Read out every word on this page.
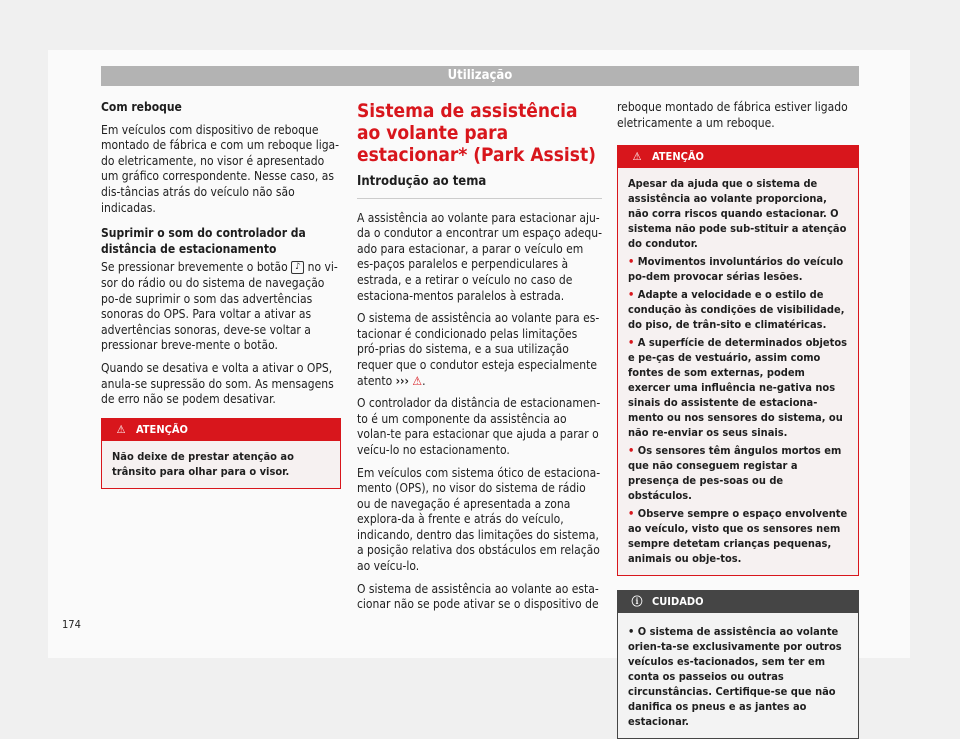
Utilização

Com reboque

Em veículos com dispositivo de reboque montado de fábrica e com um reboque liga-do eletricamente, no visor é apresentado um gráfico correspondente. Nesse caso, as dis-tâncias atrás do veículo não são indicadas.

Suprimir o som do controlador da distância de estacionamento

Se pressionar brevemente o botão ♪ no vi-sor do rádio ou do sistema de navegação po-de suprimir o som das advertências sonoras do OPS. Para voltar a ativar as advertências sonoras, deve-se voltar a pressionar breve-mente o botão.

Quando se desativa e volta a ativar o OPS, anula-se supressão do som. As mensagens de erro não se podem desativar.

⚠ ATENÇÃO
Não deixe de prestar atenção ao trânsito para olhar para o visor.
Sistema de assistência ao volante para estacionar* (Park Assist)
Introdução ao tema

A assistência ao volante para estacionar aju-da o condutor a encontrar um espaço adequ-ado para estacionar, a parar o veículo em es-paços paralelos e perpendiculares à estrada, e a retirar o veículo no caso de estaciona-mentos paralelos à estrada.

O sistema de assistência ao volante para es-tacionar é condicionado pelas limitações pró-prias do sistema, e a sua utilização requer que o condutor esteja especialmente atento ››› ⚠.

O controlador da distância de estacionamen-to é um componente da assistência ao volan-te para estacionar que ajuda a parar o veícu-lo no estacionamento.

Em veículos com sistema ótico de estaciona-mento (OPS), no visor do sistema de rádio ou de navegação é apresentada a zona explora-da à frente e atrás do veículo, indicando, dentro das limitações do sistema, a posição relativa dos obstáculos em relação ao veícu-lo.

O sistema de assistência ao volante ao esta-cionar não se pode ativar se o dispositivo de

reboque montado de fábrica estiver ligado eletricamente a um reboque.

⚠ ATENÇÃO
Apesar da ajuda que o sistema de assistência ao volante proporciona, não corra riscos quando estacionar. O sistema não pode sub-stituir a atenção do condutor.
• Movimentos involuntários do veículo po-dem provocar sérias lesões.
• Adapte a velocidade e o estilo de condução às condições de visibilidade, do piso, de trân-sito e climatéricas.
• A superfície de determinados objetos e pe-ças de vestuário, assim como fontes de som externas, podem exercer uma influência ne-gativa nos sinais do assistente de estaciona-mento ou nos sensores do sistema, ou não re-enviar os seus sinais.
• Os sensores têm ângulos mortos em que não conseguem registar a presença de pes-soas ou de obstáculos.
• Observe sempre o espaço envolvente ao veículo, visto que os sensores nem sempre detetam crianças pequenas, animais ou obje-tos.
ⓘ CUIDADO
• O sistema de assistência ao volante orien-ta-se exclusivamente por outros veículos es-tacionados, sem ter em conta os passeios ou outras circunstâncias. Certifique-se que não danifica os pneus e as jantes ao estacionar.
174
